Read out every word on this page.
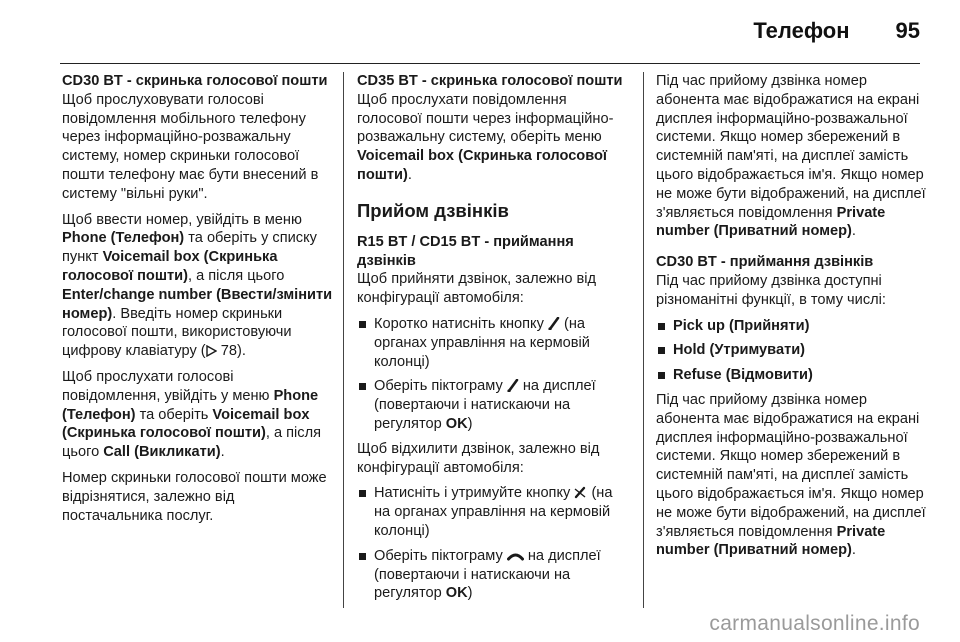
Телефон 95
CD30 BT - скринька голосової пошти

Щоб прослуховувати голосові повідомлення мобільного телефону через інформаційно-розважальну систему, номер скриньки голосової пошти телефону має бути внесений в систему "вільні руки".

Щоб ввести номер, увійдіть в меню Phone (Телефон) та оберіть у списку пункт Voicemail box (Скринька голосової пошти), а після цього Enter/change number (Ввести/змінити номер). Введіть номер скриньки голосової пошти, використовуючи цифрову клавіатуру ( 78).

Щоб прослухати голосові повідомлення, увійдіть у меню Phone (Телефон) та оберіть Voicemail box (Скринька голосової пошти), а після цього Call (Викликати).

Номер скриньки голосової пошти може відрізнятися, залежно від постачальника послуг.

CD35 BT - скринька голосової пошти

Щоб прослухати повідомлення голосової пошти через інформаційно-розважальну систему, оберіть меню Voicemail box (Скринька голосової пошти).

Прийом дзвінків
R15 BT / CD15 BT - приймання дзвінків

Щоб прийняти дзвінок, залежно від конфігурації автомобіля:

Коротко натисніть кнопку (на органах управління на кермовій колонці)
Оберіть піктограму на дисплеї (повертаючи і натискаючи на регулятор OK)

Щоб відхилити дзвінок, залежно від конфігурації автомобіля:

Натисніть і утримуйте кнопку (на на органах управління на кермовій колонці)
Оберіть піктограму на дисплеї (повертаючи і натискаючи на регулятор OK)

Під час прийому дзвінка номер абонента має відображатися на екрані дисплея інформаційно-розважальної системи. Якщо номер збережений в системній пам'яті, на дисплеї замість цього відображається ім'я. Якщо номер не може бути відображений, на дисплеї з'являється повідомлення Private number (Приватний номер).

CD30 BT - приймання дзвінків

Під час прийому дзвінка доступні різноманітні функції, в тому числі:

Pick up (Прийняти)
Hold (Утримувати)
Refuse (Відмовити)

Під час прийому дзвінка номер абонента має відображатися на екрані дисплея інформаційно-розважальної системи. Якщо номер збережений в системній пам'яті, на дисплеї замість цього відображається ім'я. Якщо номер не може бути відображений, на дисплеї з'являється повідомлення Private number (Приватний номер).

carmanualsonline.info
